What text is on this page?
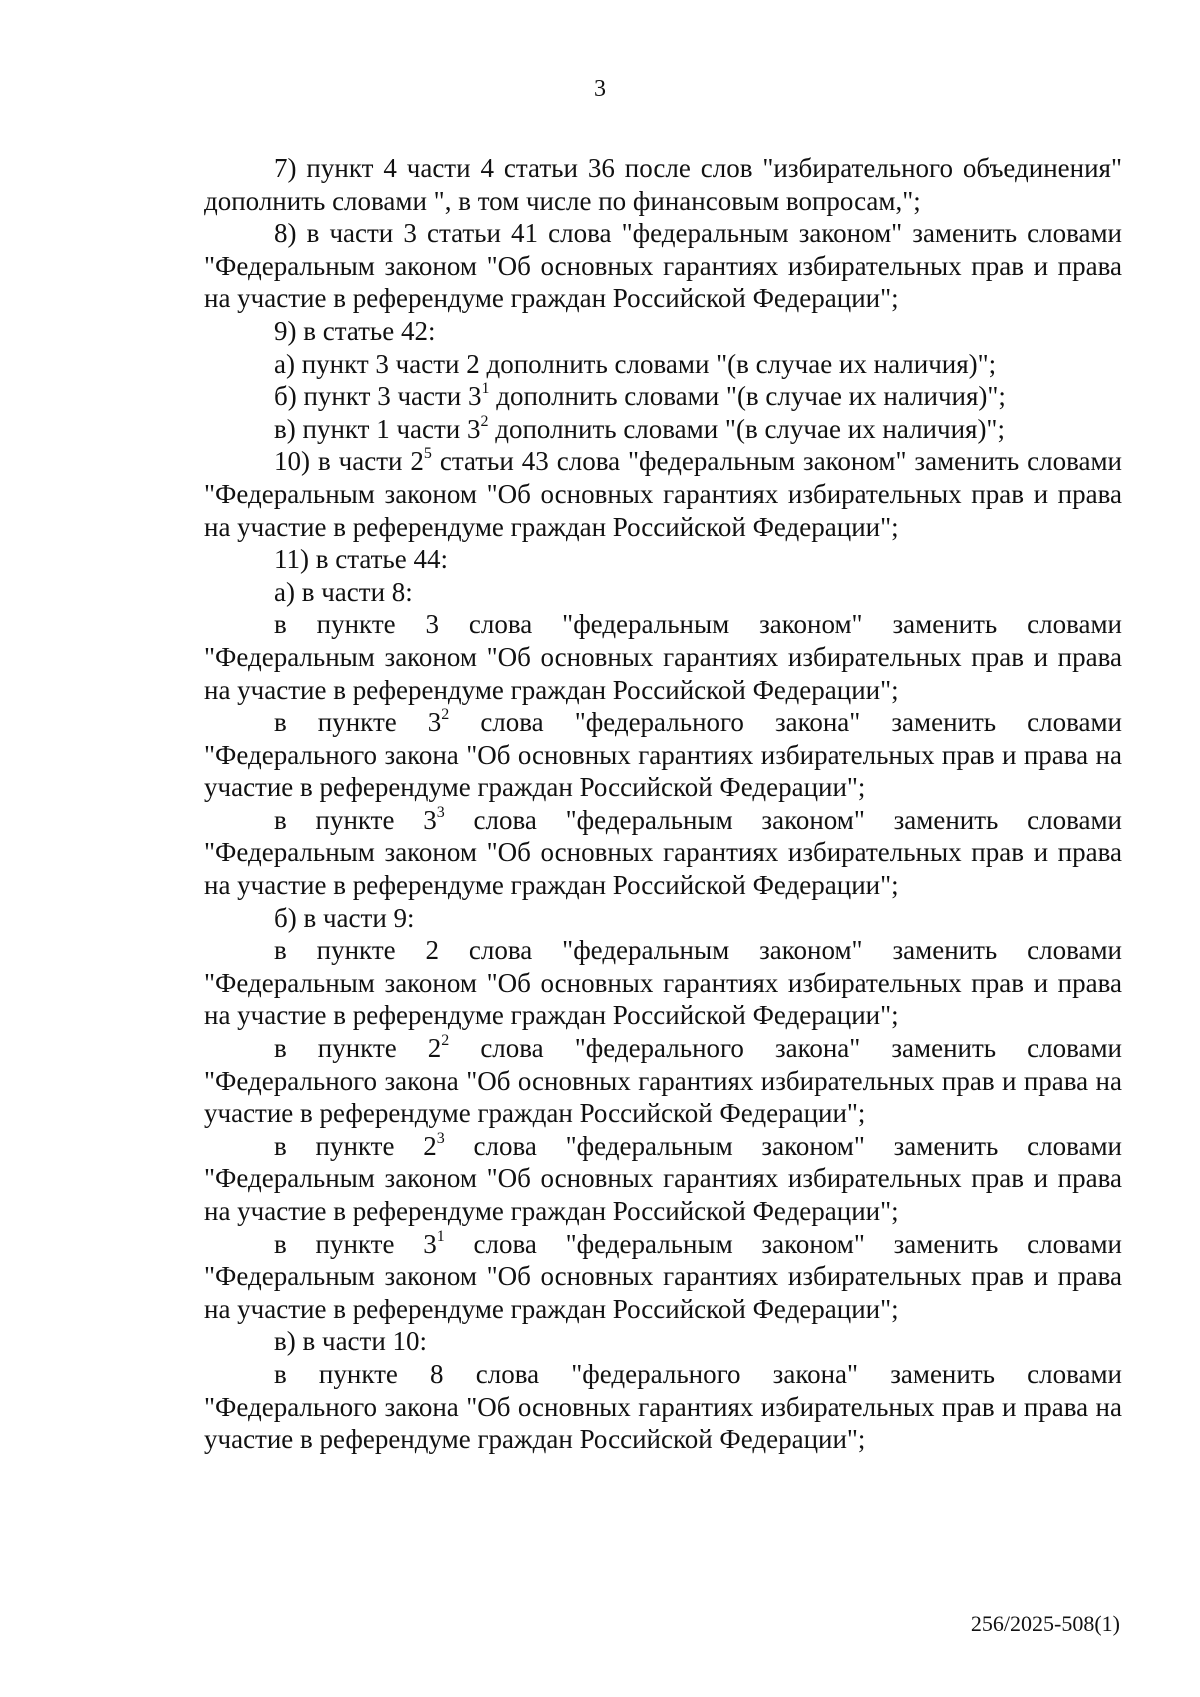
3

7) пункт 4 части 4 статьи 36 после слов "избирательного объединения" дополнить словами ", в том числе по финансовым вопросам,";

8) в части 3 статьи 41 слова "федеральным законом" заменить словами "Федеральным законом "Об основных гарантиях избирательных прав и права на участие в референдуме граждан Российской Федерации";

9) в статье 42:

а) пункт 3 части 2 дополнить словами "(в случае их наличия)";

б) пункт 3 части $3^1$ дополнить словами "(в случае их наличия)";

в) пункт 1 части $3^2$ дополнить словами "(в случае их наличия)";

10) в части $2^5$ статьи 43 слова "федеральным законом" заменить словами "Федеральным законом "Об основных гарантиях избирательных прав и права на участие в референдуме граждан Российской Федерации";

11) в статье 44:

а) в части 8:

в пункте 3 слова "федеральным законом" заменить словами "Федеральным законом "Об основных гарантиях избирательных прав и права на участие в референдуме граждан Российской Федерации";

в пункте $3^2$ слова "федерального закона" заменить словами "Федерального закона "Об основных гарантиях избирательных прав и права на участие в референдуме граждан Российской Федерации";

в пункте $3^3$ слова "федеральным законом" заменить словами "Федеральным законом "Об основных гарантиях избирательных прав и права на участие в референдуме граждан Российской Федерации";

б) в части 9:

в пункте 2 слова "федеральным законом" заменить словами "Федеральным законом "Об основных гарантиях избирательных прав и права на участие в референдуме граждан Российской Федерации";

в пункте $2^2$ слова "федерального закона" заменить словами "Федерального закона "Об основных гарантиях избирательных прав и права на участие в референдуме граждан Российской Федерации";

в пункте $2^3$ слова "федеральным законом" заменить словами "Федеральным законом "Об основных гарантиях избирательных прав и права на участие в референдуме граждан Российской Федерации";

в пункте $3^1$ слова "федеральным законом" заменить словами "Федеральным законом "Об основных гарантиях избирательных прав и права на участие в референдуме граждан Российской Федерации";

в) в части 10:

в пункте 8 слова "федерального закона" заменить словами "Федерального закона "Об основных гарантиях избирательных прав и права на участие в референдуме граждан Российской Федерации";

256/2025-508(1)
